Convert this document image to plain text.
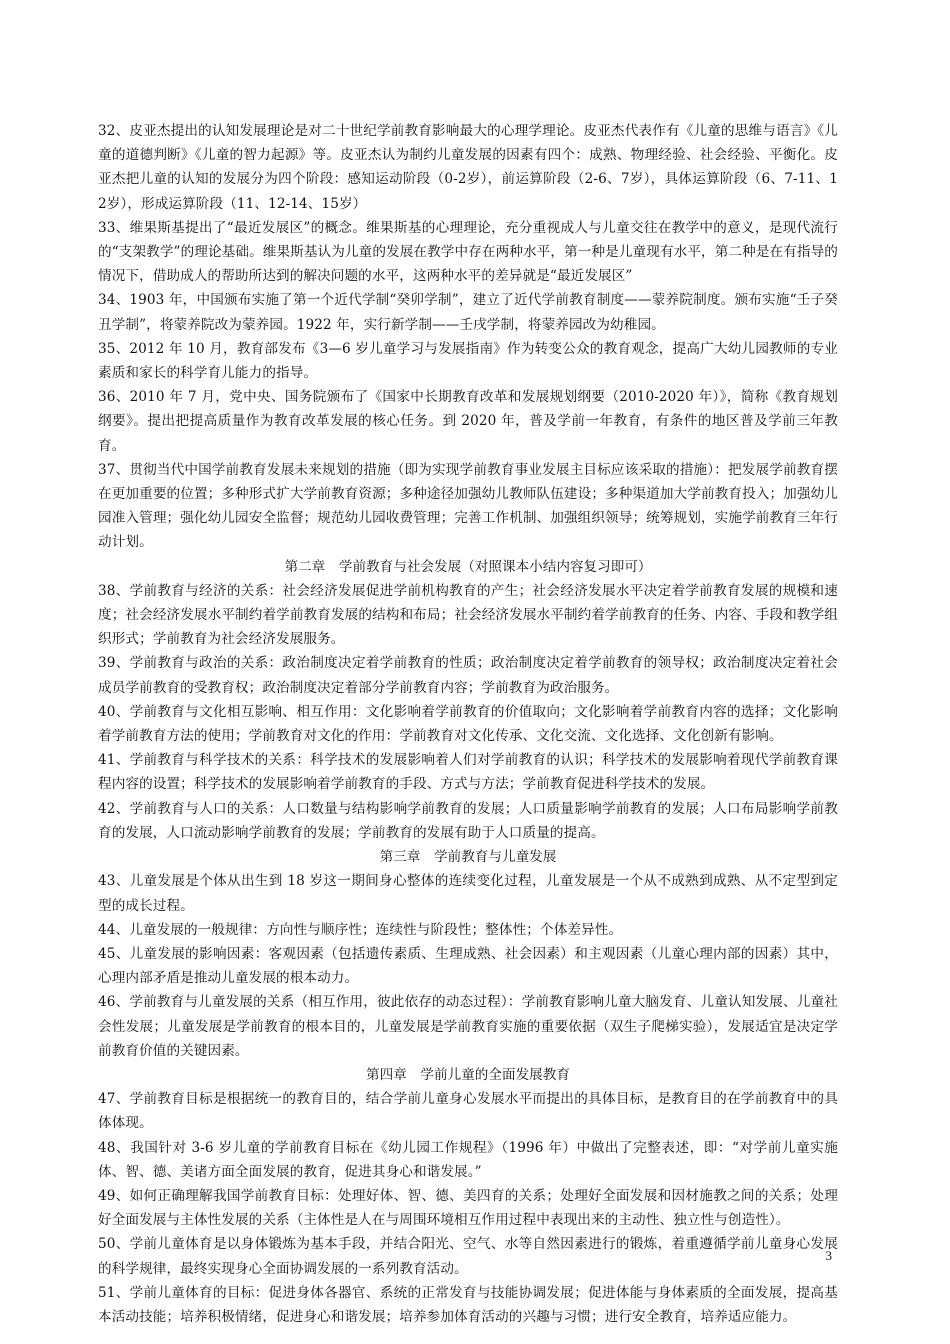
32、皮亚杰提出的认知发展理论是对二十世纪学前教育影响最大的心理学理论。皮亚杰代表作有《儿童的思维与语言》《儿童的道德判断》《儿童的智力起源》等。皮亚杰认为制约儿童发展的因素有四个：成熟、物理经验、社会经验、平衡化。皮亚杰把儿童的认知的发展分为四个阶段：感知运动阶段（0-2岁），前运算阶段（2-6、7岁），具体运算阶段（6、7-11、12岁），形成运算阶段（11、12-14、15岁）

33、维果斯基提出了“最近发展区”的概念。维果斯基的心理理论，充分重视成人与儿童交往在教学中的意义，是现代流行的“支架教学”的理论基础。维果斯基认为儿童的发展在教学中存在两种水平，第一种是儿童现有水平，第二种是在有指导的情况下，借助成人的帮助所达到的解决问题的水平，这两种水平的差异就是“最近发展区”

34、1903 年，中国颁布实施了第一个近代学制“癸卯学制”，建立了近代学前教育制度——蒙养院制度。颁布实施“壬子癸丑学制”，将蒙养院改为蒙养园。1922 年，实行新学制——壬戌学制，将蒙养园改为幼稚园。

35、2012 年 10 月，教育部发布《3—6 岁儿童学习与发展指南》作为转变公众的教育观念，提高广大幼儿园教师的专业素质和家长的科学育儿能力的指导。

36、2010 年 7 月，党中央、国务院颁布了《国家中长期教育改革和发展规划纲要（2010-2020 年）》，简称《教育规划纲要》。提出把提高质量作为教育改革发展的核心任务。到 2020 年，普及学前一年教育，有条件的地区普及学前三年教育。

37、贯彻当代中国学前教育发展未来规划的措施（即为实现学前教育事业发展主目标应该采取的措施）：把发展学前教育摆在更加重要的位置；多种形式扩大学前教育资源；多种途径加强幼儿教师队伍建设；多种渠道加大学前教育投入；加强幼儿园准入管理；强化幼儿园安全监督；规范幼儿园收费管理；完善工作机制、加强组织领导；统筹规划，实施学前教育三年行动计划。

第二章　学前教育与社会发展（对照课本小结内容复习即可）

38、学前教育与经济的关系：社会经济发展促进学前机构教育的产生；社会经济发展水平决定着学前教育发展的规模和速度；社会经济发展水平制约着学前教育发展的结构和布局；社会经济发展水平制约着学前教育的任务、内容、手段和教学组织形式；学前教育为社会经济发展服务。

39、学前教育与政治的关系：政治制度决定着学前教育的性质；政治制度决定着学前教育的领导权；政治制度决定着社会成员学前教育的受教育权；政治制度决定着部分学前教育内容；学前教育为政治服务。

40、学前教育与文化相互影响、相互作用：文化影响着学前教育的价值取向；文化影响着学前教育内容的选择；文化影响着学前教育方法的使用；学前教育对文化的作用：学前教育对文化传承、文化交流、文化选择、文化创新有影响。

41、学前教育与科学技术的关系：科学技术的发展影响着人们对学前教育的认识；科学技术的发展影响着现代学前教育课程内容的设置；科学技术的发展影响着学前教育的手段、方式与方法；学前教育促进科学技术的发展。

42、学前教育与人口的关系：人口数量与结构影响学前教育的发展；人口质量影响学前教育的发展；人口布局影响学前教育的发展，人口流动影响学前教育的发展；学前教育的发展有助于人口质量的提高。

第三章　学前教育与儿童发展

43、儿童发展是个体从出生到 18 岁这一期间身心整体的连续变化过程，儿童发展是一个从不成熟到成熟、从不定型到定型的成长过程。

44、儿童发展的一般规律：方向性与顺序性；连续性与阶段性；整体性；个体差异性。

45、儿童发展的影响因素：客观因素（包括遗传素质、生理成熟、社会因素）和主观因素（儿童心理内部的因素）其中，心理内部矛盾是推动儿童发展的根本动力。

46、学前教育与儿童发展的关系（相互作用，彼此依存的动态过程）：学前教育影响儿童大脑发育、儿童认知发展、儿童社会性发展；儿童发展是学前教育的根本目的，儿童发展是学前教育实施的重要依据（双生子爬梯实验），发展适宜是决定学前教育价值的关键因素。

第四章　学前儿童的全面发展教育

47、学前教育目标是根据统一的教育目的，结合学前儿童身心发展水平而提出的具体目标，是教育目的在学前教育中的具体体现。

48、我国针对 3-6 岁儿童的学前教育目标在《幼儿园工作规程》（1996 年）中做出了完整表述，即：“对学前儿童实施体、智、德、美诸方面全面发展的教育，促进其身心和谐发展。”

49、如何正确理解我国学前教育目标：处理好体、智、德、美四育的关系；处理好全面发展和因材施教之间的关系；处理好全面发展与主体性发展的关系（主体性是人在与周围环境相互作用过程中表现出来的主动性、独立性与创造性）。

50、学前儿童体育是以身体锻炼为基本手段，并结合阳光、空气、水等自然因素进行的锻炼，着重遵循学前儿童身心发展的科学规律，最终实现身心全面协调发展的一系列教育活动。

51、学前儿童体育的目标：促进身体各器官、系统的正常发育与技能协调发展；促进体能与身体素质的全面发展，提高基本活动技能；培养积极情绪，促进身心和谐发展；培养参加体育活动的兴趣与习惯；进行安全教育，培养适应能力。

3
